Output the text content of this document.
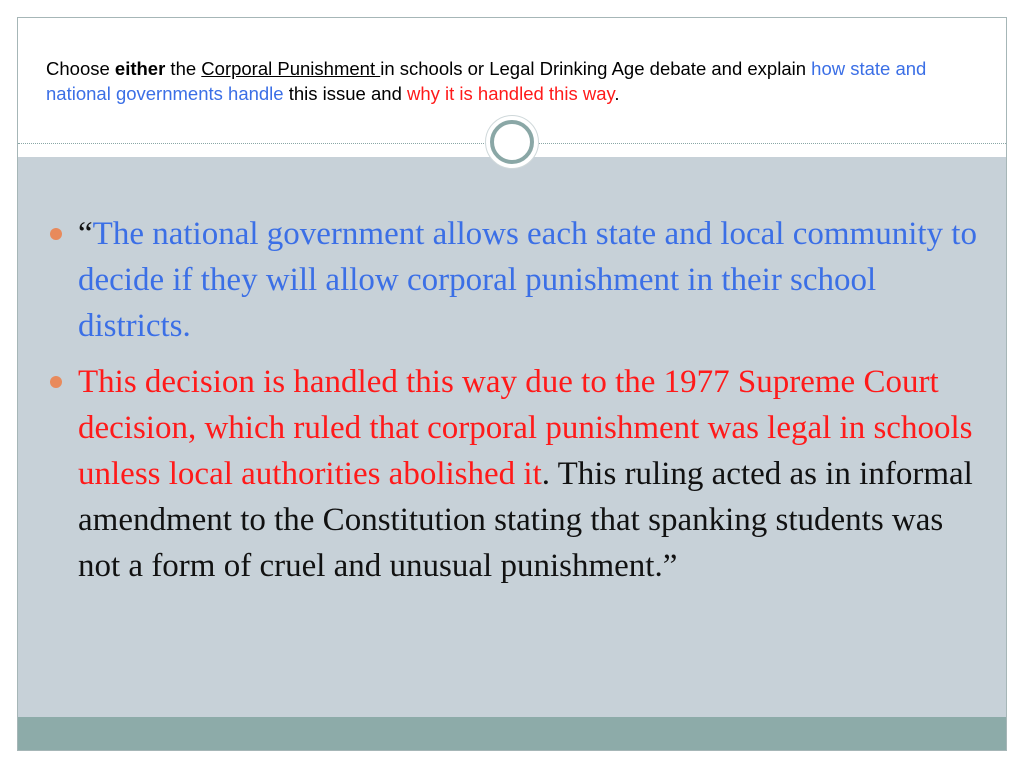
Choose either the Corporal Punishment in schools or Legal Drinking Age debate and explain how state and national governments handle this issue and why it is handled this way.

“The national government allows each state and local community to decide if they will allow corporal punishment in their school districts.
This decision is handled this way due to the 1977 Supreme Court decision, which ruled that corporal punishment was legal in schools unless local authorities abolished it. This ruling acted as in informal amendment to the Constitution stating that spanking students was not a form of cruel and unusual punishment.”
